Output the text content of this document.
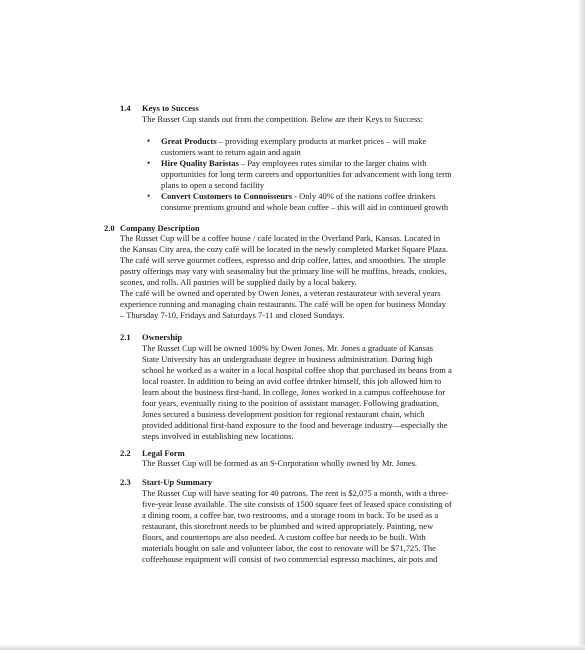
1.4 Keys to Success
The Russet Cup stands out from the competition. Below are their Keys to Success:
• Great Products – providing exemplary products at market prices – will make
customers want to return again and again
• Hire Quality Baristas – Pay employees rates similar to the larger chains with
opportunities for long term careers and opportunities for advancement with long term
plans to open a second facility
• Convert Customers to Connoisseurs - Only 40% of the nations coffee drinkers
consume premium ground and whole bean coffee – this will aid in continued growth
2.0 Company Description
The Russet Cup will be a coffee house / café located in the Overland Park, Kansas. Located in
the Kansas City area, the cozy café will be located in the newly completed Market Square Plaza.
The café will serve gourmet coffees, espresso and drip coffee, lattes, and smoothies. The simple
pastry offerings may vary with seasonality but the primary line will be muffins, breads, cookies,
scones, and rolls. All pastries will be supplied daily by a local bakery.
The café will be owned and operated by Owen Jones, a veteran restaurateur with several years
experience running and managing chain restaurants. The café will be open for business Monday
– Thursday 7-10, Fridays and Saturdays 7-11 and closed Sundays.
2.1 Ownership
The Russet Cup will be owned 100% by Owen Jones. Mr. Jones a graduate of Kansas
State University has an undergraduate degree in business administration. During high
school he worked as a waiter in a local hospital coffee shop that purchased its beans from a
local roaster. In addition to being an avid coffee drinker himself, this job allowed him to
learn about the business first-hand. In college, Jones worked in a campus coffeehouse for
four years, eventually rising to the position of assistant manager. Following graduation,
Jones secured a business development position for regional restaurant chain, which
provided additional first-hand exposure to the food and beverage industry—especially the
steps involved in establishing new locations.
2.2 Legal Form
The Russet Cup will be formed as an S-Corporation wholly owned by Mr. Jones.
2.3 Start-Up Summary
The Russet Cup will have seating for 40 patrons. The rent is $2,075 a month, with a three-
five-year lease available. The site consists of 1500 square feet of leased space consisting of
a dining room, a coffee bar, two restrooms, and a storage room in back. To be used as a
restaurant, this storefront needs to be plumbed and wired appropriately. Painting, new
floors, and countertops are also needed. A custom coffee bar needs to be built. With
materials bought on sale and volunteer labor, the cost to renovate will be $71,725. The
coffeehouse equipment will consist of two commercial espresso machines, air pots and
